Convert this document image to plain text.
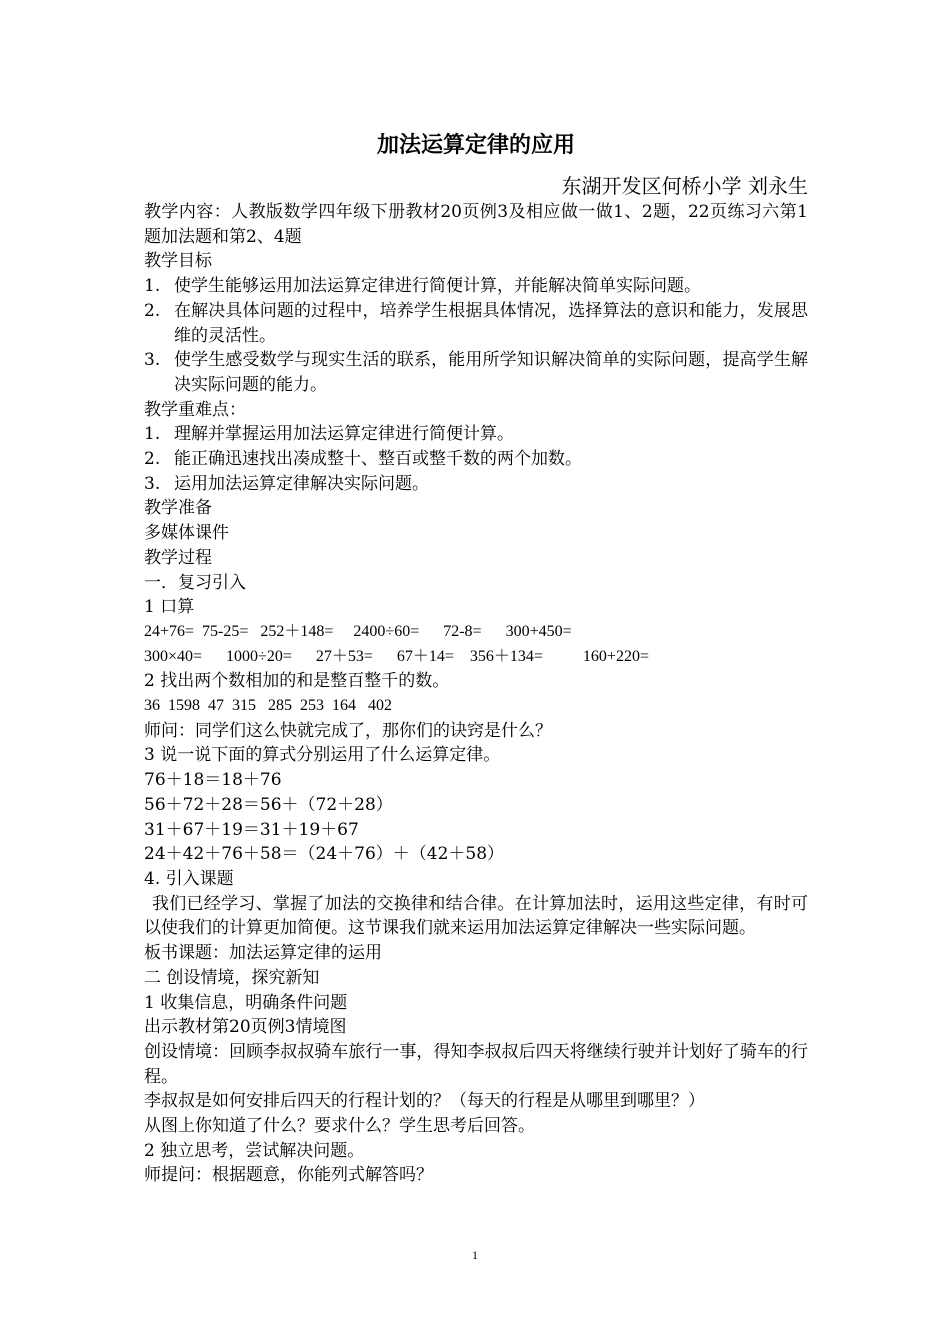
加法运算定律的应用
东湖开发区何桥小学 刘永生

教学内容：人教版数学四年级下册教材20页例3及相应做一做1、2题，22页练习六第1题加法题和第2、4题

教学目标

1. 使学生能够运用加法运算定律进行简便计算，并能解决简单实际问题。
2. 在解决具体问题的过程中，培养学生根据具体情况，选择算法的意识和能力，发展思维的灵活性。
3. 使学生感受数学与现实生活的联系，能用所学知识解决简单的实际问题，提高学生解决实际问题的能力。

教学重难点：

1. 理解并掌握运用加法运算定律进行简便计算。
2. 能正确迅速找出凑成整十、整百或整千数的两个加数。
3. 运用加法运算定律解决实际问题。

教学准备

多媒体课件

教学过程

一．复习引入

1 口算

24+76=  75-25=   252＋148=     2400÷60=      72-8=      300+450=

300×40=      1000÷20=      27＋53=      67＋14=    356＋134=          160+220=

2 找出两个数相加的和是整百整千的数。

36  1598  47  315   285  253  164   402

师问：同学们这么快就完成了，那你们的诀窍是什么？

3 说一说下面的算式分别运用了什么运算定律。

76＋18＝18＋76

56＋72＋28＝56＋（72＋28）

31＋67＋19＝31＋19＋67

24＋42＋76＋58＝（24＋76）＋（42＋58）

4. 引入课题

我们已经学习、掌握了加法的交换律和结合律。在计算加法时，运用这些定律，有时可以使我们的计算更加简便。这节课我们就来运用加法运算定律解决一些实际问题。

板书课题：加法运算定律的运用

二 创设情境，探究新知

1 收集信息，明确条件问题

出示教材第20页例3情境图

创设情境：回顾李叔叔骑车旅行一事，得知李叔叔后四天将继续行驶并计划好了骑车的行程。

李叔叔是如何安排后四天的行程计划的？（每天的行程是从哪里到哪里？）

从图上你知道了什么？要求什么？学生思考后回答。

2 独立思考，尝试解决问题。

师提问：根据题意，你能列式解答吗？

1
